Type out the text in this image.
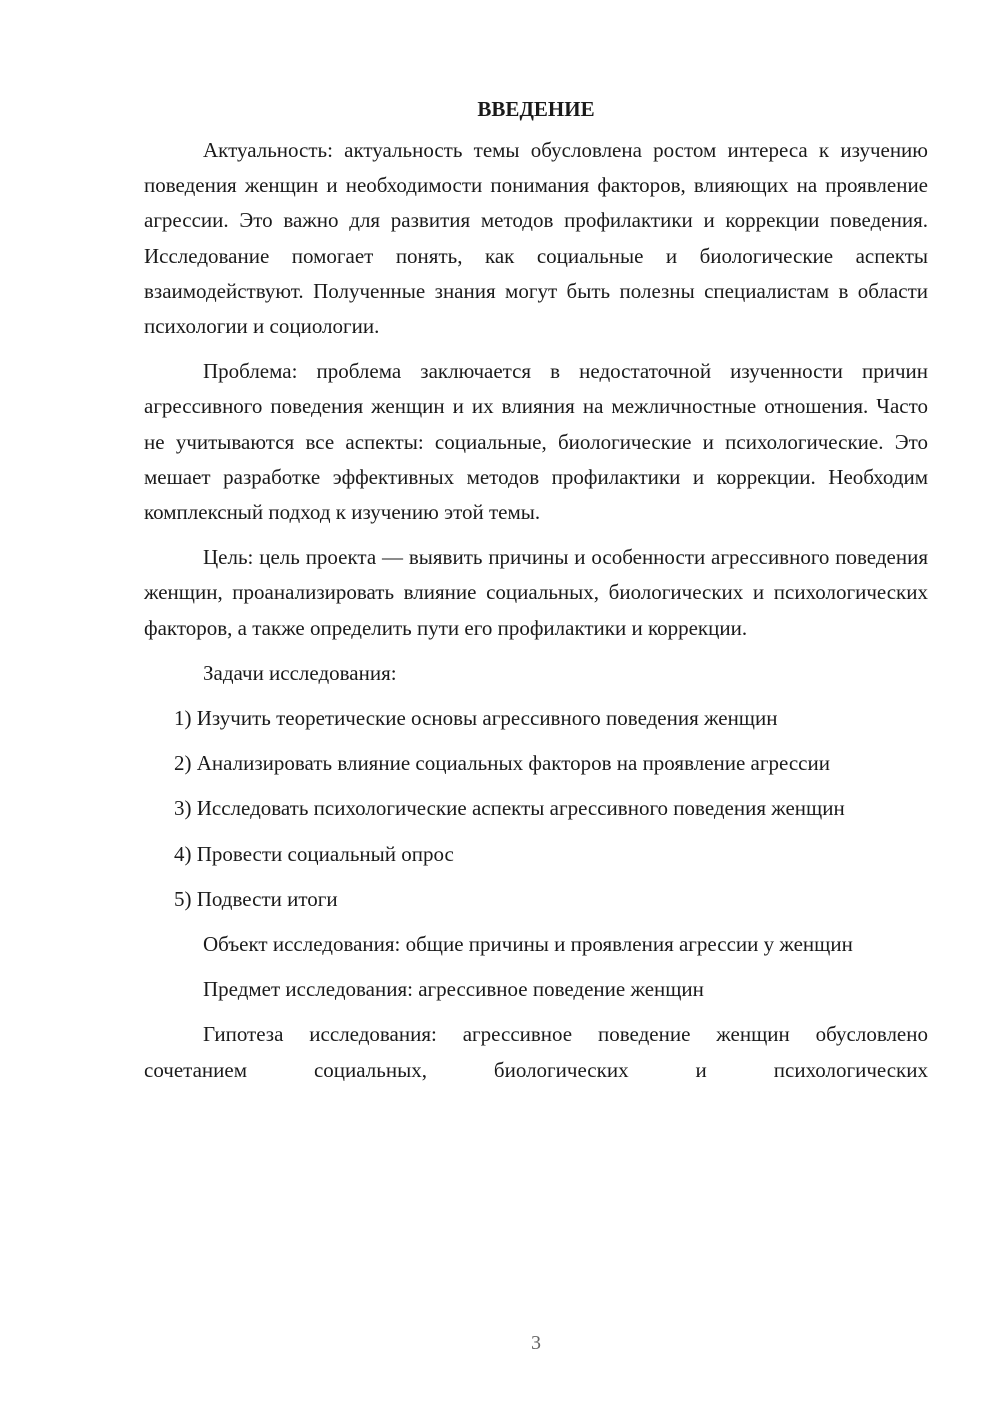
ВВЕДЕНИЕ

Актуальность: актуальность темы обусловлена ростом интереса к изучению поведения женщин и необходимости понимания факторов, влияющих на проявление агрессии. Это важно для развития методов профилактики и коррекции поведения. Исследование помогает понять, как социальные и биологические аспекты взаимодействуют. Полученные знания могут быть полезны специалистам в области психологии и социологии.

Проблема: проблема заключается в недостаточной изученности причин агрессивного поведения женщин и их влияния на межличностные отношения. Часто не учитываются все аспекты: социальные, биологические и психологические. Это мешает разработке эффективных методов профилактики и коррекции. Необходим комплексный подход к изучению этой темы.

Цель: цель проекта — выявить причины и особенности агрессивного поведения женщин, проанализировать влияние социальных, биологических и психологических факторов, а также определить пути его профилактики и коррекции.

Задачи исследования:

1) Изучить теоретические основы агрессивного поведения женщин

2) Анализировать влияние социальных факторов на проявление агрессии

3) Исследовать психологические аспекты агрессивного поведения женщин

4) Провести социальный опрос

5) Подвести итоги

Объект исследования: общие причины и проявления агрессии у женщин

Предмет исследования: агрессивное поведение женщин

Гипотеза исследования: агрессивное поведение женщин обусловлено сочетанием социальных, биологических и психологических

3
